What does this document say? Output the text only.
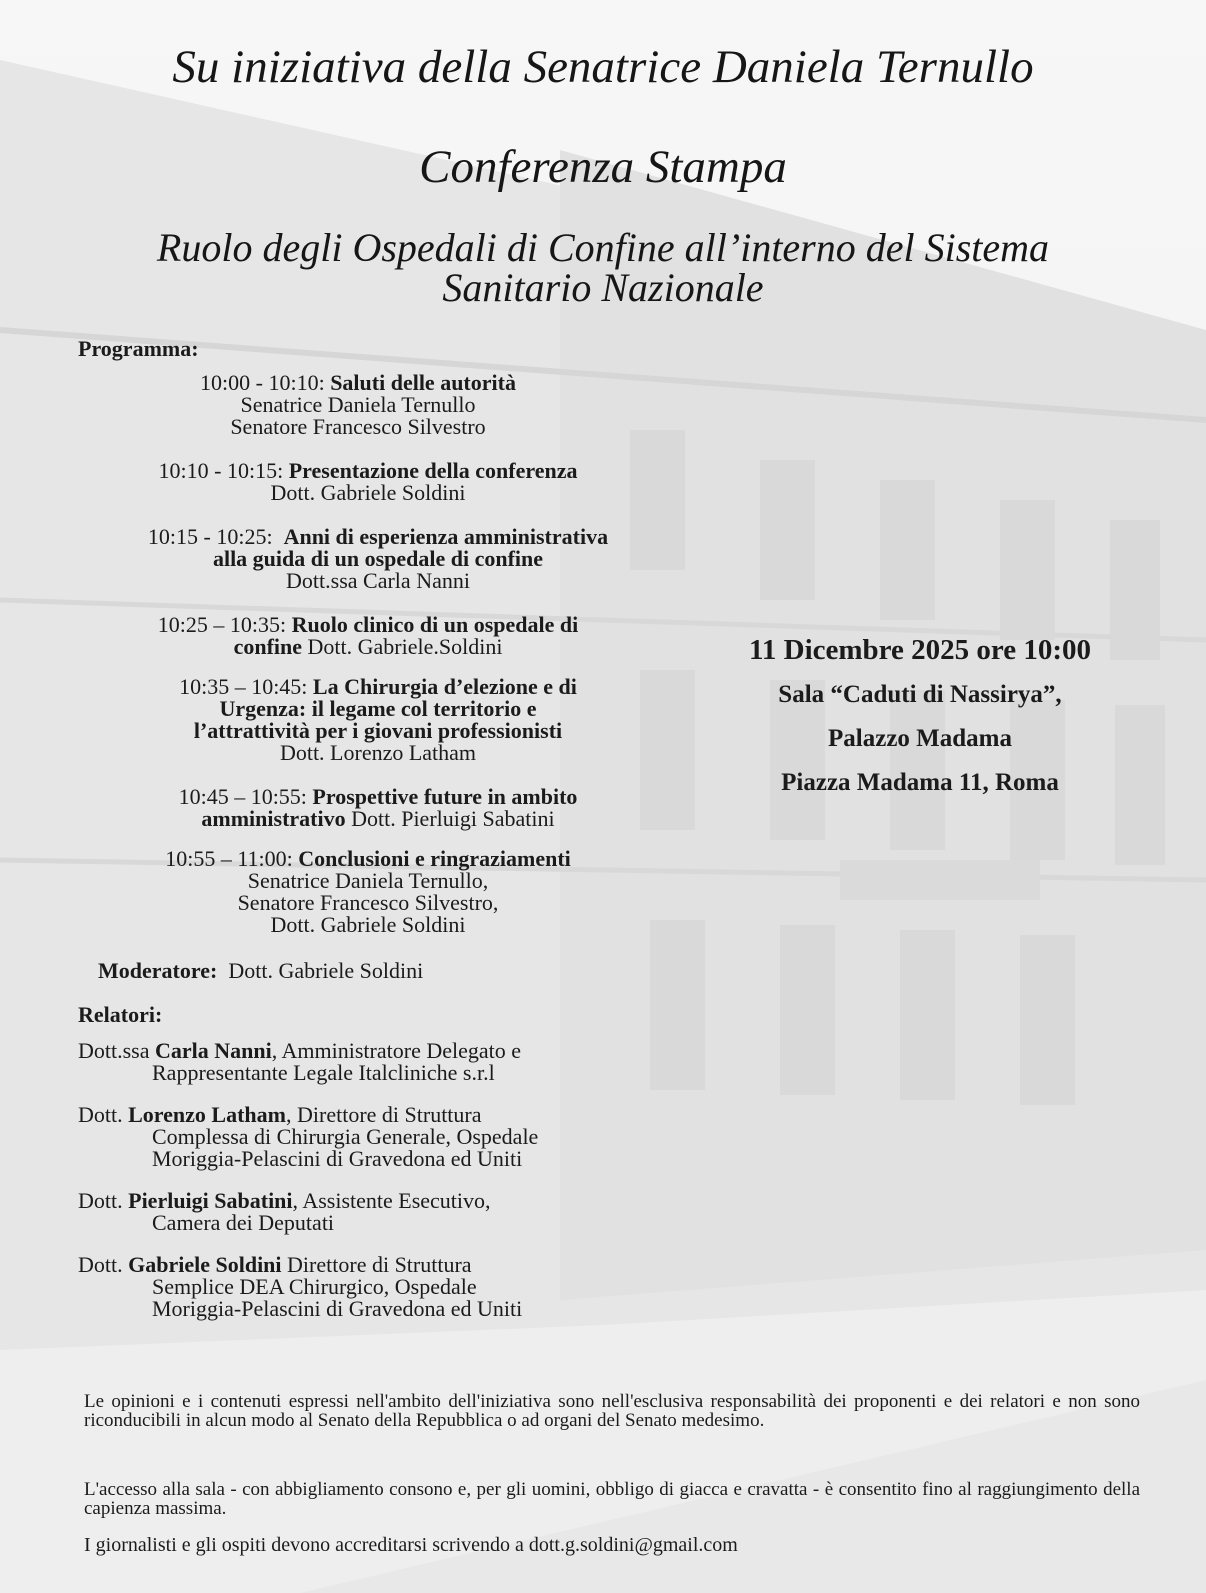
Su iniziativa della Senatrice Daniela Ternullo
Conferenza Stampa
Ruolo degli Ospedali di Confine all’interno del Sistema
Sanitario Nazionale
Programma:
10:00 - 10:10: Saluti delle autorità
Senatrice Daniela Ternullo
Senatore Francesco Silvestro
10:10 - 10:15: Presentazione della conferenza
Dott. Gabriele Soldini
10:15 - 10:25: Anni di esperienza amministrativa
alla guida di un ospedale di confine
Dott.ssa Carla Nanni
10:25 – 10:35: Ruolo clinico di un ospedale di
confine Dott. Gabriele.Soldini
10:35 – 10:45: La Chirurgia d’elezione e di
Urgenza: il legame col territorio e
l’attrattività per i giovani professionisti
Dott. Lorenzo Latham
10:45 – 10:55: Prospettive future in ambito
amministrativo Dott. Pierluigi Sabatini
10:55 – 11:00: Conclusioni e ringraziamenti
Senatrice Daniela Ternullo,
Senatore Francesco Silvestro,
Dott. Gabriele Soldini
Moderatore: Dott. Gabriele Soldini
Relatori:
Dott.ssa Carla Nanni, Amministratore Delegato e
Rappresentante Legale Italcliniche s.r.l
Dott. Lorenzo Latham, Direttore di Struttura
Complessa di Chirurgia Generale, Ospedale
Moriggia-Pelascini di Gravedona ed Uniti
Dott. Pierluigi Sabatini, Assistente Esecutivo,
Camera dei Deputati
Dott. Gabriele Soldini Direttore di Struttura
Semplice DEA Chirurgico, Ospedale
Moriggia-Pelascini di Gravedona ed Uniti
11 Dicembre 2025 ore 10:00
Sala “Caduti di Nassirya”,
Palazzo Madama
Piazza Madama 11, Roma
Le opinioni e i contenuti espressi nell'ambito dell'iniziativa sono nell'esclusiva responsabilità dei proponenti e dei relatori e non sono riconducibili in alcun modo al Senato della Repubblica o ad organi del Senato medesimo.
L'accesso alla sala - con abbigliamento consono e, per gli uomini, obbligo di giacca e cravatta - è consentito fino al raggiungimento della capienza massima.
I giornalisti e gli ospiti devono accreditarsi scrivendo a dott.g.soldini@gmail.com
